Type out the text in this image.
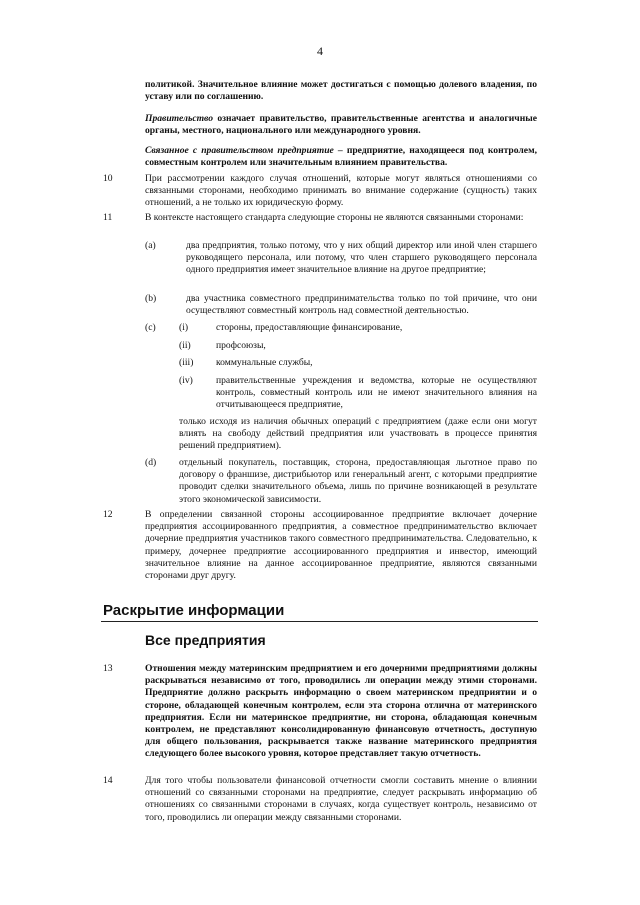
4
политикой. Значительное влияние может достигаться с помощью долевого владения, по уставу или по соглашению.
Правительство означает правительство, правительственные агентства и аналогичные органы, местного, национального или международного уровня.
Связанное с правительством предприятие – предприятие, находящееся под контролем, совместным контролем или значительным влиянием правительства.
10	При рассмотрении каждого случая отношений, которые могут являться отношениями со связанными сторонами, необходимо принимать во внимание содержание (сущность) таких отношений, а не только их юридическую форму.
11	В контексте настоящего стандарта следующие стороны не являются связанными сторонами:
(a)	два предприятия, только потому, что у них общий директор или иной член старшего руководящего персонала, или потому, что член старшего руководящего персонала одного предприятия имеет значительное влияние на другое предприятие;
(b)	два участника совместного предпринимательства только по той причине, что они осуществляют совместный контроль над совместной деятельностью.
(c) (i)	стороны, предоставляющие финансирование,
(ii)	профсоюзы,
(iii) коммунальные службы,
(iv) правительственные учреждения и ведомства, которые не осуществляют контроль, совместный контроль или не имеют значительного влияния на отчитывающееся предприятие,
только исходя из наличия обычных операций с предприятием (даже если они могут влиять на свободу действий предприятия или участвовать в процессе принятия решений предприятием).
(d) отдельный покупатель, поставщик, сторона, предоставляющая льготное право по договору о франшизе, дистрибьютор или генеральный агент, с которыми предприятие проводит сделки значительного объема, лишь по причине возникающей в результате этого экономической зависимости.
12	В определении связанной стороны ассоциированное предприятие включает дочерние предприятия ассоциированного предприятия, а совместное предпринимательство включает дочерние предприятия участников такого совместного предпринимательства. Следовательно, к примеру, дочернее предприятие ассоциированного предприятия и инвестор, имеющий значительное влияние на данное ассоциированное предприятие, являются связанными сторонами друг другу.
Раскрытие информации
Все предприятия
13	Отношения между материнским предприятием и его дочерними предприятиями должны раскрываться независимо от того, проводились ли операции между этими сторонами. Предприятие должно раскрыть информацию о своем материнском предприятии и о стороне, обладающей конечным контролем, если эта сторона отлична от материнского предприятия. Если ни материнское предприятие, ни сторона, обладающая конечным контролем, не представляют консолидированную финансовую отчетность, доступную для общего пользования, раскрывается также название материнского предприятия следующего более высокого уровня, которое представляет такую отчетность.
14	Для того чтобы пользователи финансовой отчетности смогли составить мнение о влиянии отношений со связанными сторонами на предприятие, следует раскрывать информацию об отношениях со связанными сторонами в случаях, когда существует контроль, независимо от того, проводились ли операции между связанными сторонами.
